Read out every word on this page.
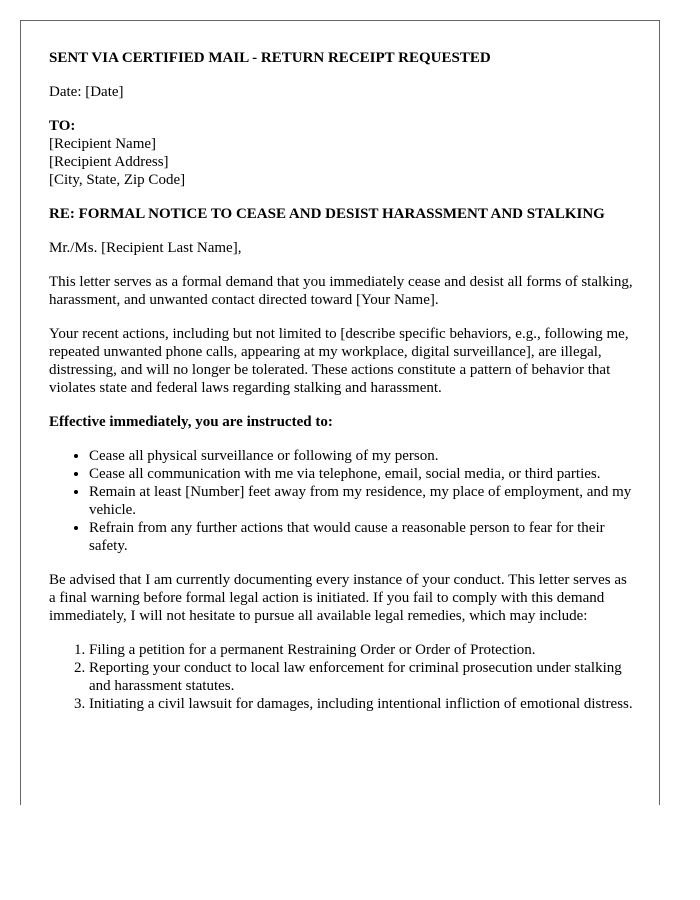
SENT VIA CERTIFIED MAIL - RETURN RECEIPT REQUESTED

Date: [Date]

TO:
[Recipient Name]
[Recipient Address]
[City, State, Zip Code]

RE: FORMAL NOTICE TO CEASE AND DESIST HARASSMENT AND STALKING

Mr./Ms. [Recipient Last Name],

This letter serves as a formal demand that you immediately cease and desist all forms of stalking, harassment, and unwanted contact directed toward [Your Name].

Your recent actions, including but not limited to [describe specific behaviors, e.g., following me, repeated unwanted phone calls, appearing at my workplace, digital surveillance], are illegal, distressing, and will no longer be tolerated. These actions constitute a pattern of behavior that violates state and federal laws regarding stalking and harassment.

Effective immediately, you are instructed to:

• Cease all physical surveillance or following of my person.
• Cease all communication with me via telephone, email, social media, or third parties.
• Remain at least [Number] feet away from my residence, my place of employment, and my vehicle.
• Refrain from any further actions that would cause a reasonable person to fear for their safety.

Be advised that I am currently documenting every instance of your conduct. This letter serves as a final warning before formal legal action is initiated. If you fail to comply with this demand immediately, I will not hesitate to pursue all available legal remedies, which may include:

1. Filing a petition for a permanent Restraining Order or Order of Protection.
2. Reporting your conduct to local law enforcement for criminal prosecution under stalking and harassment statutes.
3. Initiating a civil lawsuit for damages, including intentional infliction of emotional distress.
